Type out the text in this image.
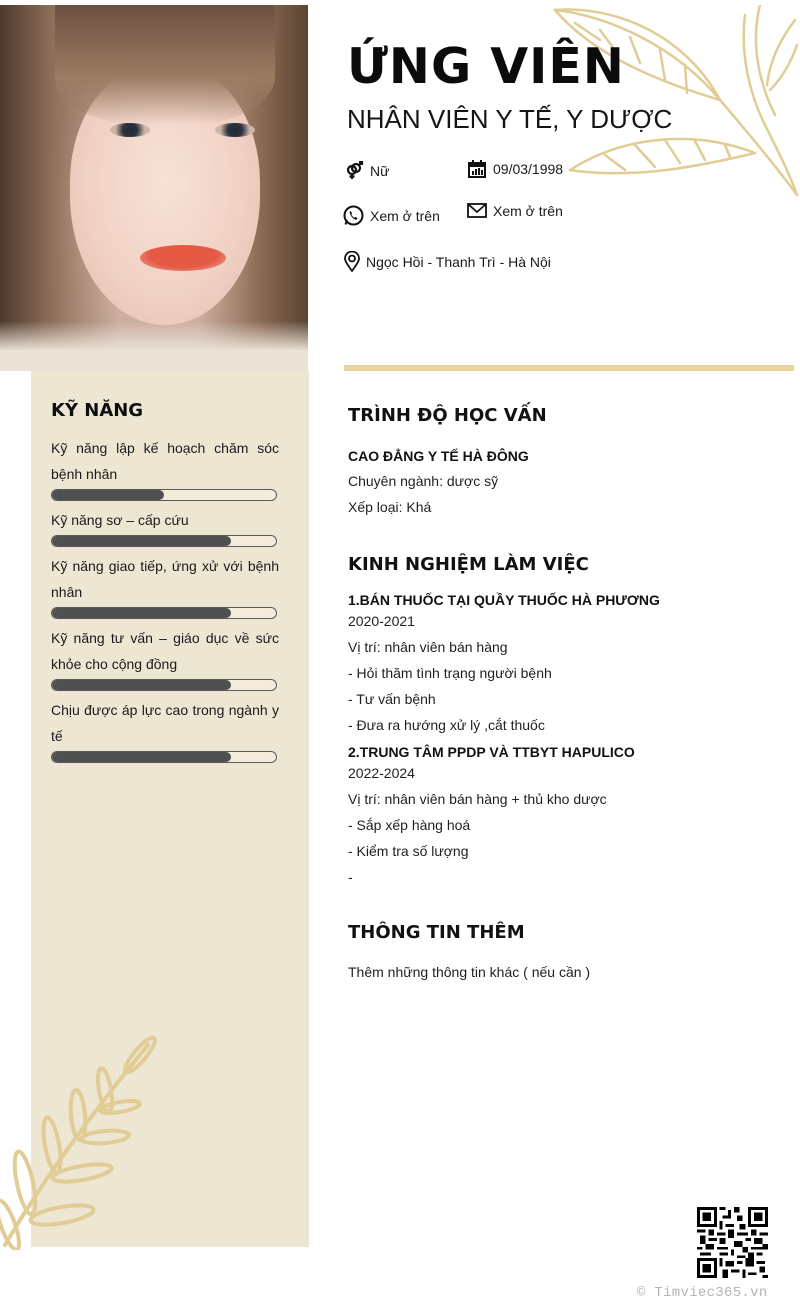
ỨNG VIÊN
NHÂN VIÊN Y TẾ, Y DƯỢC
Nữ	09/03/1998
Xem ở trên	Xem ở trên
Ngọc Hồi - Thanh Trì - Hà Nội
KỸ NĂNG
Kỹ năng lập kế hoạch chăm sóc bệnh nhân
Kỹ năng sơ – cấp cứu
Kỹ năng giao tiếp, ứng xử với bệnh nhân
Kỹ năng tư vấn – giáo dục về sức khỏe cho cộng đồng
Chịu được áp lực cao trong ngành y tế
TRÌNH ĐỘ HỌC VẤN
CAO ĐẲNG Y TẾ HÀ ĐÔNG
Chuyên ngành: dược sỹ
Xếp loại: Khá
KINH NGHIỆM LÀM VIỆC
1.BÁN THUỐC TẠI QUẦY THUỐC HÀ PHƯƠNG
2020-2021
Vị trí: nhân viên bán hàng
- Hỏi thăm tình trạng người bệnh
- Tư vấn bệnh
- Đưa ra hướng xử lý ,cắt thuốc
2.TRUNG TÂM PPDP VÀ TTBYT HAPULICO
2022-2024
Vị trí: nhân viên bán hàng + thủ kho dược
- Sắp xếp hàng hoá
- Kiểm tra số lượng
-
THÔNG TIN THÊM
Thêm những thông tin khác ( nếu cần )
© Timviec365.vn
